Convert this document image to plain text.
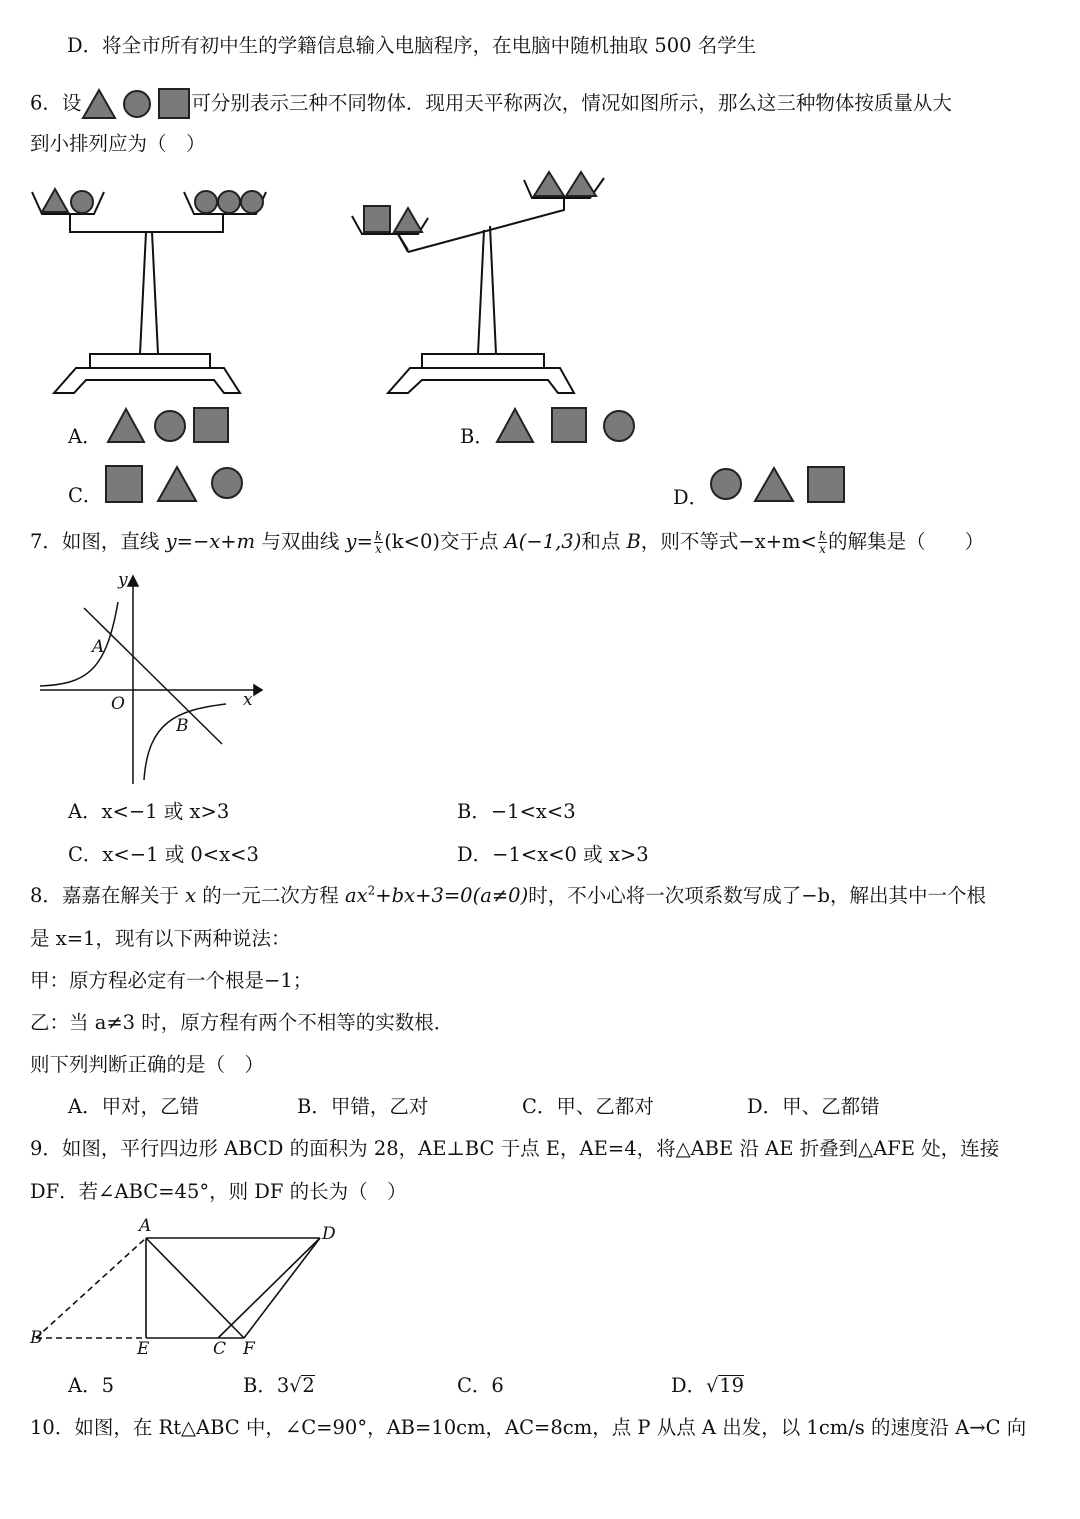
D．将全市所有初中生的学籍信息输入电脑程序，在电脑中随机抽取 500 名学生
6．设	可分别表示三种不同物体．现用天平称两次，情况如图所示，那么这三种物体按质量从大
到小排列应为（　）
A．	B．
C．	D．
7．如图，直线 y=−x+m 与双曲线 $y= \frac{k}{x} (k<0)$交于点 A(−1,3)和点 B，则不等式$-x+m< \frac{k}{x}$ 的解集是（　　）
y
A
O	x
B
A．x<−1 或 x>3	B．−1<x<3
C．x<−1 或 0<x<3	D．−1<x<0 或 x>3
8．嘉嘉在解关于 x 的一元二次方程 $ax^2+bx+3=0(a\ne 0)$时，不小心将一次项系数写成了−b，解出其中一个根
是 x=1，现有以下两种说法：
甲：原方程必定有一个根是−1；
乙：当 a≠3 时，原方程有两个不相等的实数根．
则下列判断正确的是（　）
A．甲对，乙错	B．甲错，乙对	C．甲、乙都对	D．甲、乙都错
9．如图，平行四边形 ABCD 的面积为 28，AE⊥BC 于点 E，AE=4，将△ABE 沿 AE 折叠到△AFE 处，连接
DF．若∠ABC=45°，则 DF 的长为（　）
A	D
B
E	C F
A．5	B．3√2	C．6	D．√19
10．如图，在 Rt△ABC 中，∠C=90°，AB=10cm，AC=8cm，点 P 从点 A 出发，以 1cm/s 的速度沿 A→C 向
